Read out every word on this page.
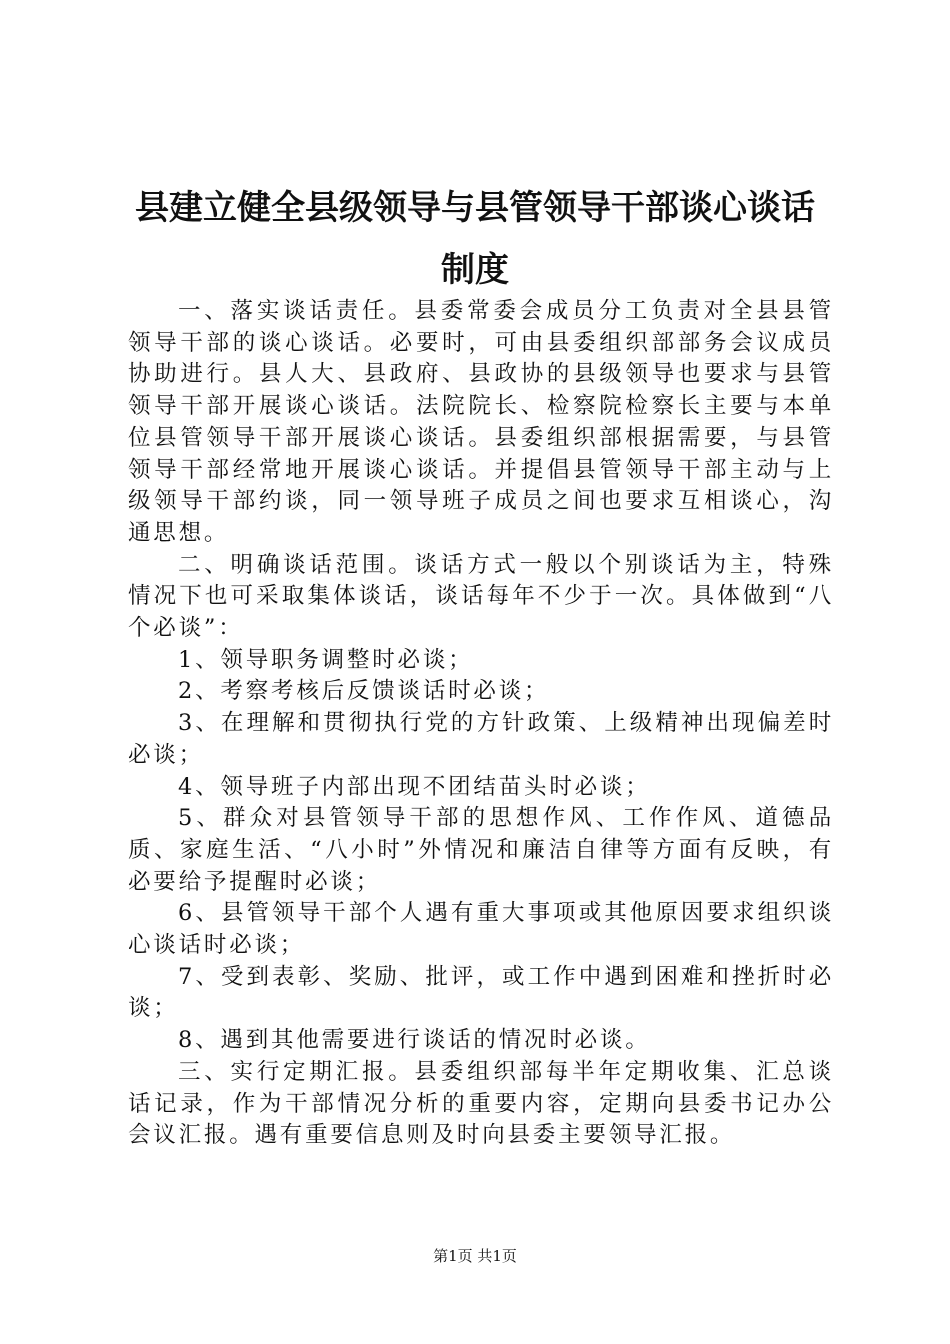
县建立健全县级领导与县管领导干部谈心谈话
制度

一、落实谈话责任。县委常委会成员分工负责对全县县管领导干部的谈心谈话。必要时，可由县委组织部部务会议成员协助进行。县人大、县政府、县政协的县级领导也要求与县管领导干部开展谈心谈话。法院院长、检察院检察长主要与本单位县管领导干部开展谈心谈话。县委组织部根据需要，与县管领导干部经常地开展谈心谈话。并提倡县管领导干部主动与上级领导干部约谈，同一领导班子成员之间也要求互相谈心，沟通思想。

二、明确谈话范围。谈话方式一般以个别谈话为主，特殊情况下也可采取集体谈话，谈话每年不少于一次。具体做到“八个必谈”：

1、领导职务调整时必谈；

2、考察考核后反馈谈话时必谈；

3、在理解和贯彻执行党的方针政策、上级精神出现偏差时必谈；

4、领导班子内部出现不团结苗头时必谈；

5、群众对县管领导干部的思想作风、工作作风、道德品质、家庭生活、“八小时”外情况和廉洁自律等方面有反映，有必要给予提醒时必谈；

6、县管领导干部个人遇有重大事项或其他原因要求组织谈心谈话时必谈；

7、受到表彰、奖励、批评，或工作中遇到困难和挫折时必谈；

8、遇到其他需要进行谈话的情况时必谈。

三、实行定期汇报。县委组织部每半年定期收集、汇总谈话记录，作为干部情况分析的重要内容，定期向县委书记办公会议汇报。遇有重要信息则及时向县委主要领导汇报。

第1页 共1页
